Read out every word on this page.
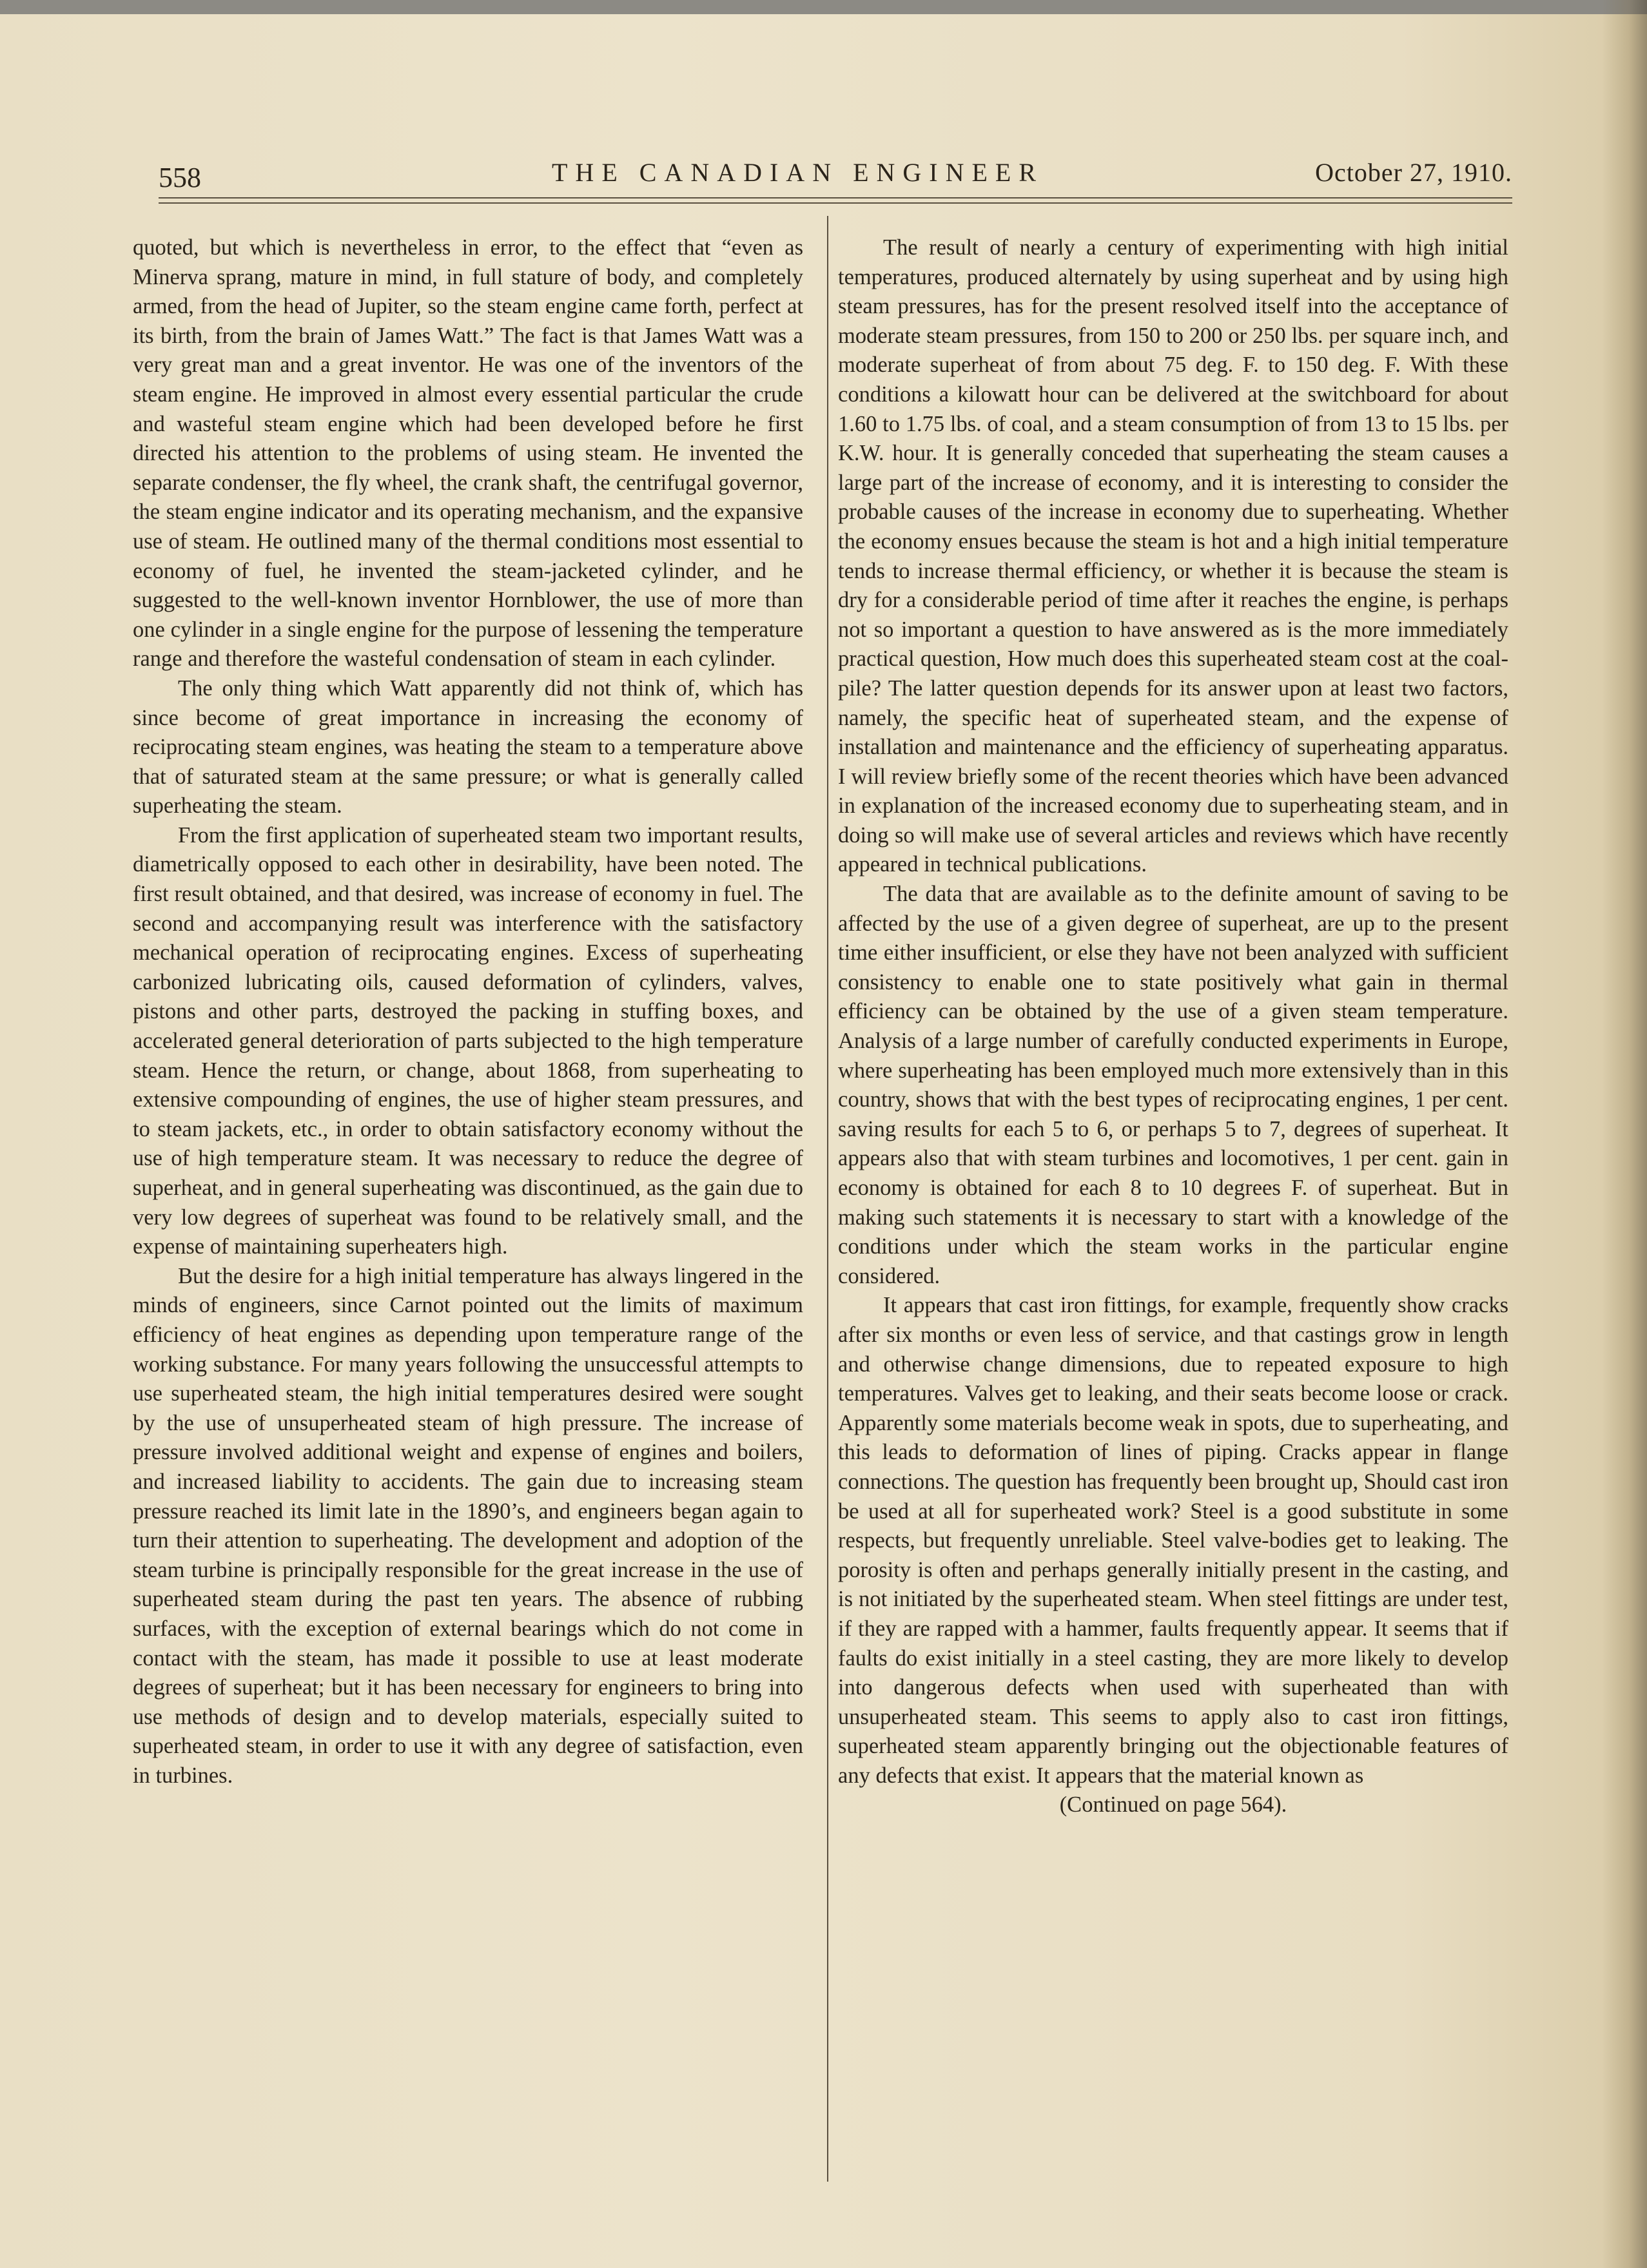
558	THE CANADIAN ENGINEER	October 27, 1910.

quoted, but which is nevertheless in error, to the effect that “even as Minerva sprang, mature in mind, in full stature of body, and completely armed, from the head of Jupiter, so the steam engine came forth, perfect at its birth, from the brain of James Watt.” The fact is that James Watt was a very great man and a great inventor. He was one of the inventors of the steam engine. He improved in almost every essential particular the crude and wasteful steam engine which had been developed before he first directed his attention to the problems of using steam. He invented the separate condenser, the fly wheel, the crank shaft, the centrifugal governor, the steam engine indicator and its operating mechanism, and the expansive use of steam. He outlined many of the thermal conditions most essential to economy of fuel, he invented the steam-jacketed cylinder, and he suggested to the well-known inventor Hornblower, the use of more than one cylinder in a single engine for the purpose of lessening the temperature range and therefore the wasteful condensation of steam in each cylinder.

The only thing which Watt apparently did not think of, which has since become of great importance in increasing the economy of reciprocating steam engines, was heating the steam to a temperature above that of saturated steam at the same pressure; or what is generally called superheating the steam.

From the first application of superheated steam two important results, diametrically opposed to each other in desirability, have been noted. The first result obtained, and that desired, was increase of economy in fuel. The second and accompanying result was interference with the satisfactory mechanical operation of reciprocating engines. Excess of superheating carbonized lubricating oils, caused deformation of cylinders, valves, pistons and other parts, destroyed the packing in stuffing boxes, and accelerated general deterioration of parts subjected to the high temperature steam. Hence the return, or change, about 1868, from superheating to extensive compounding of engines, the use of higher steam pressures, and to steam jackets, etc., in order to obtain satisfactory economy without the use of high temperature steam. It was necessary to reduce the degree of superheat, and in general superheating was discontinued, as the gain due to very low degrees of superheat was found to be relatively small, and the expense of maintaining superheaters high.

But the desire for a high initial temperature has always lingered in the minds of engineers, since Carnot pointed out the limits of maximum efficiency of heat engines as depending upon temperature range of the working substance. For many years following the unsuccessful attempts to use superheated steam, the high initial temperatures desired were sought by the use of unsuperheated steam of high pressure. The increase of pressure involved additional weight and expense of engines and boilers, and increased liability to accidents. The gain due to increasing steam pressure reached its limit late in the 1890’s, and engineers began again to turn their attention to superheating. The development and adoption of the steam turbine is principally responsible for the great increase in the use of superheated steam during the past ten years. The absence of rubbing surfaces, with the exception of external bearings which do not come in contact with the steam, has made it possible to use at least moderate degrees of superheat; but it has been necessary for engineers to bring into use methods of design and to develop materials, especially suited to superheated steam, in order to use it with any degree of satisfaction, even in turbines.

The result of nearly a century of experimenting with high initial temperatures, produced alternately by using superheat and by using high steam pressures, has for the present resolved itself into the acceptance of moderate steam pressures, from 150 to 200 or 250 lbs. per square inch, and moderate superheat of from about 75 deg. F. to 150 deg. F. With these conditions a kilowatt hour can be delivered at the switchboard for about 1.60 to 1.75 lbs. of coal, and a steam consumption of from 13 to 15 lbs. per K.W. hour. It is generally conceded that superheating the steam causes a large part of the increase of economy, and it is interesting to consider the probable causes of the increase in economy due to superheating. Whether the economy ensues because the steam is hot and a high initial temperature tends to increase thermal efficiency, or whether it is because the steam is dry for a considerable period of time after it reaches the engine, is perhaps not so important a question to have answered as is the more immediately practical question, How much does this superheated steam cost at the coal-pile? The latter question depends for its answer upon at least two factors, namely, the specific heat of superheated steam, and the expense of installation and maintenance and the efficiency of superheating apparatus. I will review briefly some of the recent theories which have been advanced in explanation of the increased economy due to superheating steam, and in doing so will make use of several articles and reviews which have recently appeared in technical publications.

The data that are available as to the definite amount of saving to be affected by the use of a given degree of superheat, are up to the present time either insufficient, or else they have not been analyzed with sufficient consistency to enable one to state positively what gain in thermal efficiency can be obtained by the use of a given steam temperature. Analysis of a large number of carefully conducted experiments in Europe, where superheating has been employed much more extensively than in this country, shows that with the best types of reciprocating engines, 1 per cent. saving results for each 5 to 6, or perhaps 5 to 7, degrees of superheat. It appears also that with steam turbines and locomotives, 1 per cent. gain in economy is obtained for each 8 to 10 degrees F. of superheat. But in making such statements it is necessary to start with a knowledge of the conditions under which the steam works in the particular engine considered.

It appears that cast iron fittings, for example, frequently show cracks after six months or even less of service, and that castings grow in length and otherwise change dimensions, due to repeated exposure to high temperatures. Valves get to leaking, and their seats become loose or crack. Apparently some materials become weak in spots, due to superheating, and this leads to deformation of lines of piping. Cracks appear in flange connections. The question has frequently been brought up, Should cast iron be used at all for superheated work? Steel is a good substitute in some respects, but frequently unreliable. Steel valve-bodies get to leaking. The porosity is often and perhaps generally initially present in the casting, and is not initiated by the superheated steam. When steel fittings are under test, if they are rapped with a hammer, faults frequently appear. It seems that if faults do exist initially in a steel casting, they are more likely to develop into dangerous defects when used with superheated than with unsuperheated steam. This seems to apply also to cast iron fittings, superheated steam apparently bringing out the objectionable features of any defects that exist. It appears that the material known as

(Continued on page 564).
